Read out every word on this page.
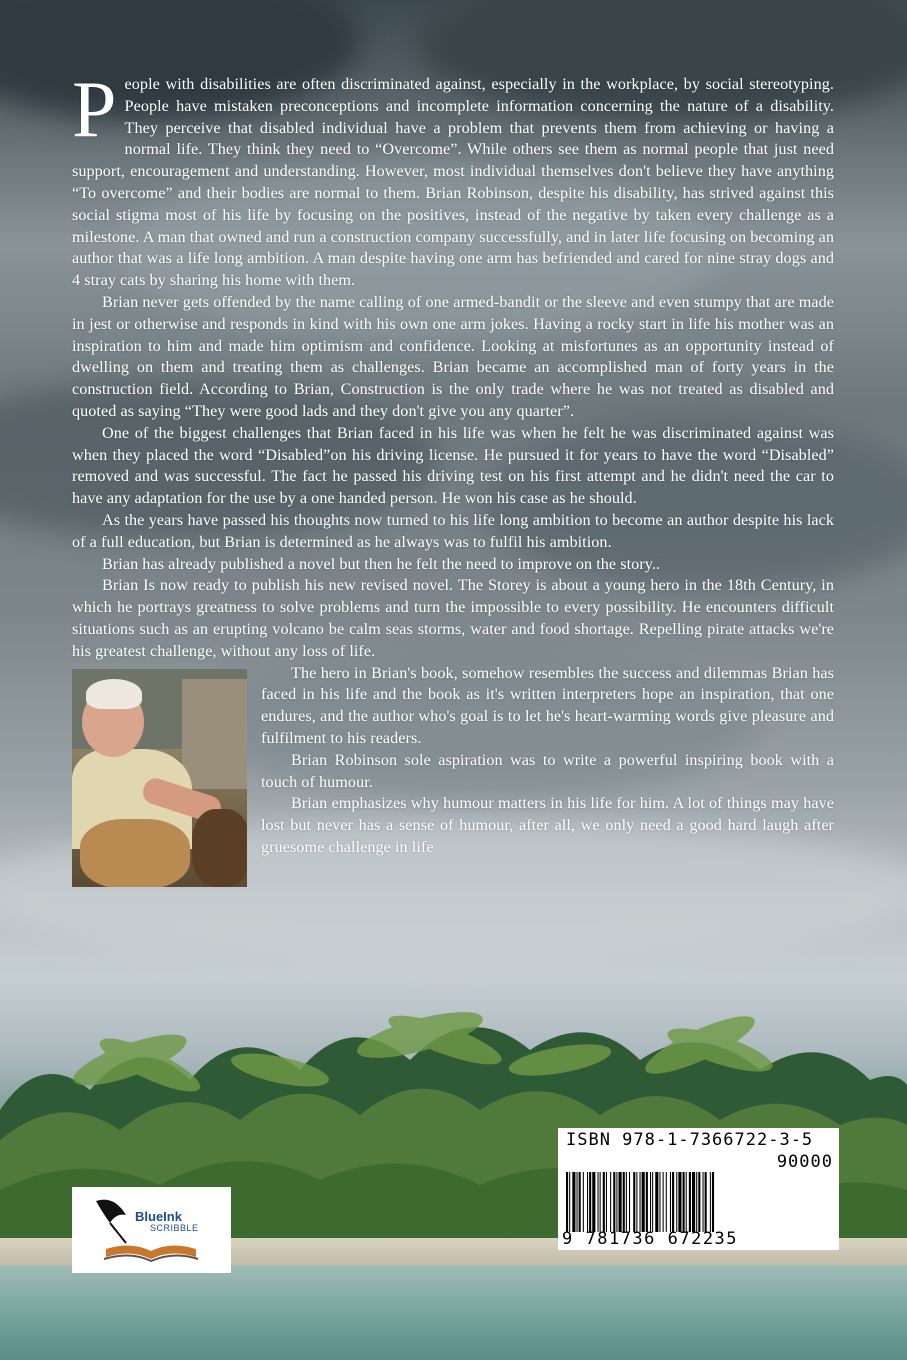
People with disabilities are often discriminated against, especially in the workplace, by social stereotyping. People have mistaken preconceptions and incomplete information concerning the nature of a disability. They perceive that disabled individual have a problem that prevents them from achieving or having a normal life. They think they need to “Overcome”. While others see them as normal people that just need support, encouragement and understanding. However, most individual themselves don't believe they have anything “To overcome” and their bodies are normal to them. Brian Robinson, despite his disability, has strived against this social stigma most of his life by focusing on the positives, instead of the negative by taken every challenge as a milestone. A man that owned and run a construction company successfully, and in later life focusing on becoming an author that was a life long ambition. A man despite having one arm has befriended and cared for nine stray dogs and 4 stray cats by sharing his home with them.

Brian never gets offended by the name calling of one armed-bandit or the sleeve and even stumpy that are made in jest or otherwise and responds in kind with his own one arm jokes. Having a rocky start in life his mother was an inspiration to him and made him optimism and confidence. Looking at misfortunes as an opportunity instead of dwelling on them and treating them as challenges. Brian became an accomplished man of forty years in the construction field. According to Brian, Construction is the only trade where he was not treated as disabled and quoted as saying “They were good lads and they don't give you any quarter”.

One of the biggest challenges that Brian faced in his life was when he felt he was discriminated against was when they placed the word “Disabled”on his driving license. He pursued it for years to have the word “Disabled” removed and was successful. The fact he passed his driving test on his first attempt and he didn't need the car to have any adaptation for the use by a one handed person. He won his case as he should.

As the years have passed his thoughts now turned to his life long ambition to become an author despite his lack of a full education, but Brian is determined as he always was to fulfil his ambition.

Brian has already published a novel but then he felt the need to improve on the story..

Brian Is now ready to publish his new revised novel. The Storey is about a young hero in the 18th Century, in which he portrays greatness to solve problems and turn the impossible to every possibility. He encounters difficult situations such as an erupting volcano be calm seas storms, water and food shortage. Repelling pirate attacks we're his greatest challenge, without any loss of life.

The hero in Brian's book, somehow resembles the success and dilemmas Brian has faced in his life and the book as it's written interpreters hope an inspiration, that one endures, and the author who's goal is to let he's heart-warming words give pleasure and fulfilment to his readers.

Brian Robinson sole aspiration was to write a powerful inspiring book with a touch of humour.

Brian emphasizes why humour matters in his life for him. A lot of things may have lost but never has a sense of humour, after all, we only need a good hard laugh after gruesome challenge in life

BlueInk
SCRIBBLE
ISBN 978-1-7366722-3-5
90000
9 781736 672235
